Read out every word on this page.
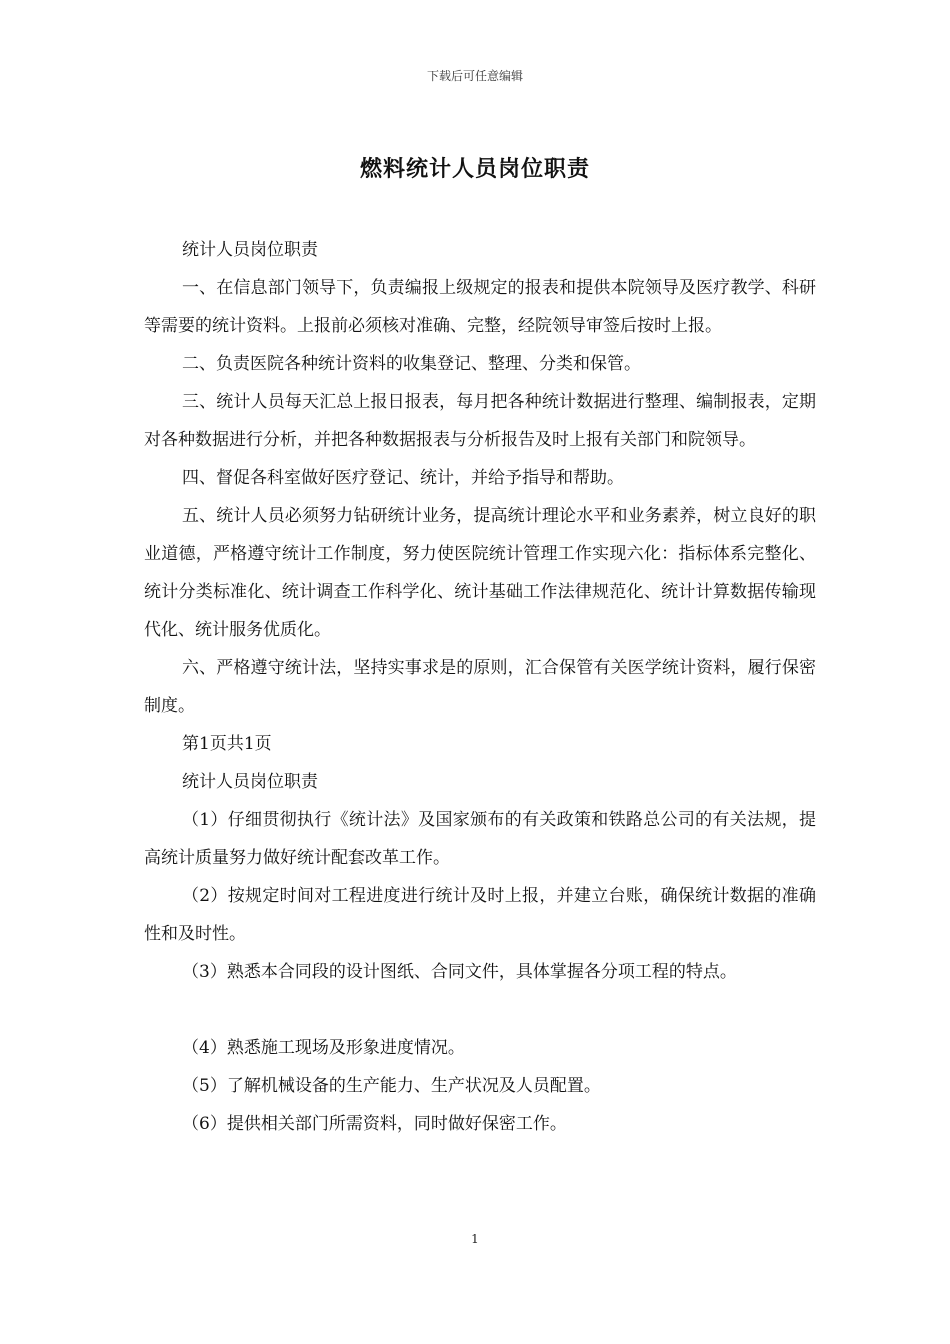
下载后可任意编辑
燃料统计人员岗位职责

统计人员岗位职责

一、在信息部门领导下，负责编报上级规定的报表和提供本院领导及医疗教学、科研等需要的统计资料。上报前必须核对准确、完整，经院领导审签后按时上报。

二、负责医院各种统计资料的收集登记、整理、分类和保管。

三、统计人员每天汇总上报日报表，每月把各种统计数据进行整理、编制报表，定期对各种数据进行分析，并把各种数据报表与分析报告及时上报有关部门和院领导。

四、督促各科室做好医疗登记、统计，并给予指导和帮助。

五、统计人员必须努力钻研统计业务，提高统计理论水平和业务素养，树立良好的职业道德，严格遵守统计工作制度，努力使医院统计管理工作实现六化：指标体系完整化、统计分类标准化、统计调查工作科学化、统计基础工作法律规范化、统计计算数据传输现代化、统计服务优质化。

六、严格遵守统计法，坚持实事求是的原则，汇合保管有关医学统计资料，履行保密制度。

第1页共1页

统计人员岗位职责

（1）仔细贯彻执行《统计法》及国家颁布的有关政策和铁路总公司的有关法规，提高统计质量努力做好统计配套改革工作。

（2）按规定时间对工程进度进行统计及时上报，并建立台账，确保统计数据的准确性和及时性。

（3）熟悉本合同段的设计图纸、合同文件，具体掌握各分项工程的特点。

（4）熟悉施工现场及形象进度情况。

（5）了解机械设备的生产能力、生产状况及人员配置。

（6）提供相关部门所需资料，同时做好保密工作。

1
